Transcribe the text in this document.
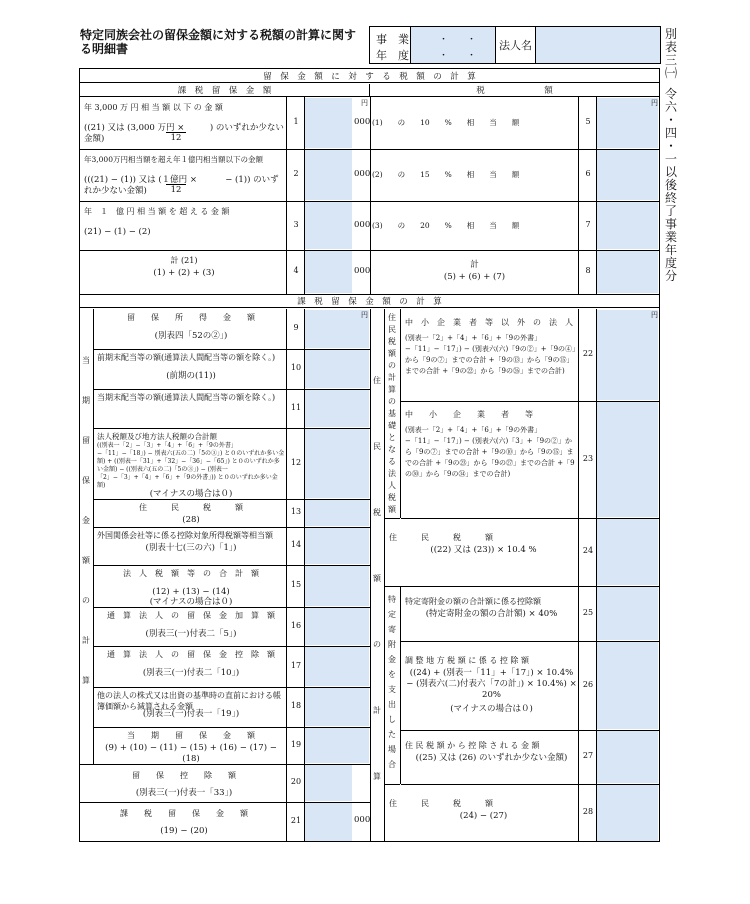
特定同族会社の留保金額に対する税額の計算に関する明細書
事　業
年　度
・ ・
・ ・
法人名
別
表
三
㈠
令
六
・
四
・
一
以
後
終
了
事
業
年
度
分
留　保　金　額　に　対　す　る　税　額　の　計　算
課　税　留　保　金　額	税　　　　　　　額
課　税　留　保　金　額　の　計　算
年 3,000 万 円 相 当 額 以 下 の 金 額
((21) 又は (3,000 万円 ×　　　) のいずれか少ない金額)	12
1	000 (1)　　の　　10　　%　　相　　当　　額	5
年3,000万円相当額を超え年１億円相当額以下の金額
(((21) − (1)) 又は (１億円 ×　　　 − (1)) のいずれか少ない金額)	12
2	000 (2)　　の　　15　　%　　相　　当　　額	6
年　１　億 円 相 当 額 を 超 え る 金 額
(21) − (1) − (2)
3	000 (3)　　の　　20　　%　　相　　当　　額	7
計 (21)
(1) + (2) + (3)	4	000
計
(5) + (6) + (7)
8
円	円
当
期
留
保
金
額
の
計
算
留　　保　　所　　得　　金　　額
(別表四「52の②」)
9
前期末配当等の額(通算法人間配当等の額を除く。)
(前期の(11))
10
当期末配当等の額(通算法人間配当等の額を除く。)
11
法人税額及び地方法人税額の合計額
((別表一「2」−「3」+「4」+「6」+「9の外書」−「11」−「18」) − 別表六(五の二)「5の③」) と０のいずれか多い金額) + ((別表一「31」+「32」−「36」−「65」) と０のいずれか多い金額) − ((別表六(五の二)「5の③」) − (別表一「2」−「3」+「4」+「6」+「9の外書」)) と０のいずれか多い金額)
(マイナスの場合は０)
12
住　　　民　　　税　　　額
(28)
13
外国関係会社等に係る控除対象所得税額等相当額
(別表十七(三の六)「1」)	14
法　人　税　額　等　の　合　計　額
(12) + (13) − (14)
(マイナスの場合は０)
15
通　算　法　人　の　留　保　金　加　算　額
(別表三(一)付表二「5」)
16
通　算　法　人　の　留　保　金　控　除　額
(別表三(一)付表二「10」)
17
他の法人の株式又は出資の基準時の直前における帳簿価額から減算される金額
(別表三(一)付表一「19」)
18
当　　期　　留　　保　　金　　額
(9) + (10) − (11) − (15) + (16) − (17) − (18)
19
円
留　　保　　控　　除　　額
(別表三(一)付表一「33」)
20
課　　税　　留　　保　　金　　額
(19) − (20)
21	000
住
民
税
額
の
計
算
住
民
税
額
の
計
算
の
基
礎
と
な
る
法
人
税
額
特
定
寄
附
金
を
支
出
し
た
場
合
中　小　企　業　者　等　以　外　の　法　人
(別表一「2」+「4」+「6」+「9の外書」−「11」−「17」) − (別表六(六)「9の②」+「9の④」から「9の⑦」までの合計 +「9の⑬」から「9の⑮」までの合計 +「9の㉒」から「9の㉖」までの合計)
22
中　　小　　企　　業　　者　　等
(別表一「2」+「4」+「6」+「9の外書」−「11」−「17」) − (別表六(六)「3」+「9の②」から「9の⑦」までの合計 +「9の⑩」から「9の⑮」までの合計 +「9の㉓」から「9の㉗」までの合計 +「9の㉚」から「9の㉞」までの合計)
23
住　　　民　　　税　　　額
((22) 又は (23)) × 10.4 %	24
特定寄附金の額の合計額に係る控除額
(特定寄附金の額の合計額) × 40%	25
調 整 地 方 税 額 に 係 る 控 除 額
((24) + (別表一「11」+「17」) × 10.4% − (別表六(二)付表六「7の計」) × 10.4%) × 20%
(マイナスの場合は０)
26
住 民 税 額 か ら 控 除 さ れ る 金 額
((25) 又は (26) のいずれか少ない金額)	27
住　　　民　　　税　　　額
(24) − (27)	28
円
